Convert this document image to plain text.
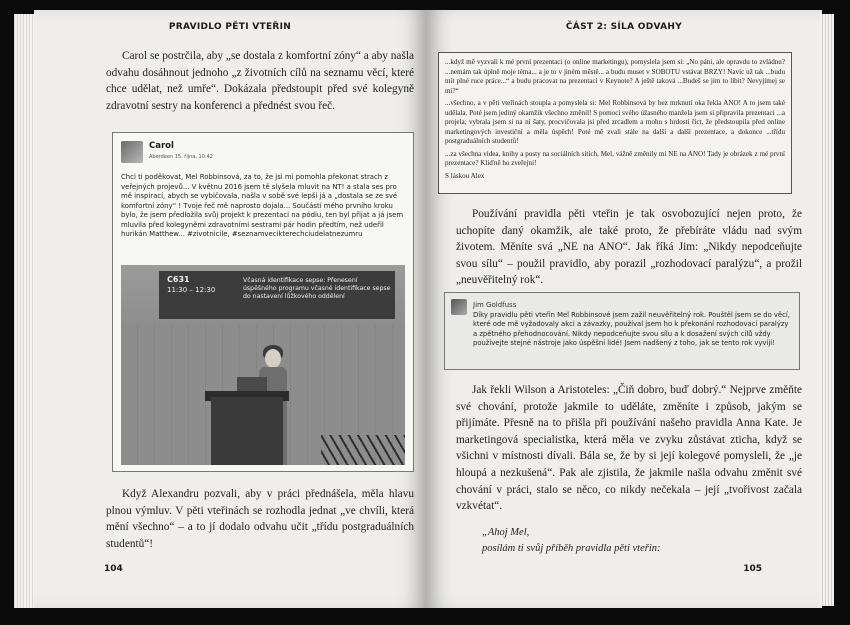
PRAVIDLO PĚTI VTEŘIN

Carol se postrčila, aby „se dostala z komfortní zóny“ a aby našla odvahu dosáhnout jednoho „z životních cílů na seznamu věcí, které chce udělat, než umře“. Dokázala předstoupit před své kolegyně zdravotní sestry na konferenci a přednést svou řeč.

Carol
Aberdeen 15. října, 10:42
Chci ti poděkovat, Mel Robbinsová, za to, že jsi mi pomohla překonat strach z veřejných projevů... V květnu 2016 jsem tě slyšela mluvit na NT! a stala ses pro mě inspirací, abych se vybičovala, našla v sobě své lepší já a „dostala se ze své komfortní zóny“ ! Tvoje řeč mě naprosto dojala... Součástí mého prvního kroku bylo, že jsem předložila svůj projekt k prezentaci na pódiu, ten byl přijat a já jsem mluvila před kolegyněmi zdravotními sestrami pár hodin předtím, než udeřil hurikán Matthew... #zivotnicile, #seznamvecikterechciudelatnezumru
C631
11:30 – 12:30
Včasná identifikace sepse: Přenesení úspěšného programu včasné identifikace sepse do nastavení lůžkového oddělení

Když Alexandru pozvali, aby v práci přednášela, měla hlavu plnou výmluv. V pěti vteřinách se rozhodla jednat „ve chvíli, která mění všechno“ – a to jí dodalo odvahu učit „třídu postgraduálních studentů“!

104
ČÁST 2: SÍLA ODVAHY

...když mě vyzvali k mé první prezentaci (o online marketingu), pomyslela jsem si: „No páni, ale opravdu to zvládnu? ...nemám tak úplně moje téma... a je to v jiném městě... a budu muset v SOBOTU vstávat BRZY! Navíc už tak ...budu mít plné ruce práce...“ a budu pracovat na prezentaci v Keynote? A ještě taková ...Budeš se jim to líbit? Nevyjímej se mi?“

...všechno, a v pěti vteřinách stoupla a pomyslela si: Mel Robbinsová by bez mrknutí oka řekla ANO! A to jsem také udělala. Poté jsem jediný okamžik všechno změnil! S pomocí svého úžasného manžela jsem si připravila prezentaci ...a projela, vybrala jsem si na ní šaty, procvičovala jsi před zrcadlem a mohu s hrdostí říct, že předstoupila před online marketingových investiční a měla úspěch! Poté mě zvali stále na další a další prezentace, a dokonce ...třídu postgraduálních studentů!

...za všechna videa, knihy a posty na sociálních sítích, Mel, vážně změnily mi NE na ANO! Tady je obrázek z mé první prezentace? Kliďně ho zveřejni!

S láskou Alex

Používání pravidla pěti vteřin je tak osvobozující nejen proto, že uchopíte daný okamžik, ale také proto, že přebíráte vládu nad svým životem. Měníte svá „NE na ANO“. Jak říká Jim: „Nikdy nepodceňujte svou sílu“ – použil pravidlo, aby porazil „rozhodovací paralýzu“, a prožil „neuvěřitelný rok“.

Jim Goldfuss
Díky pravidlu pěti vteřin Mel Robbinsové jsem zažil neuvěřitelný rok. Pouštěl jsem se do věcí, které ode mě vyžadovaly akci a závazky, používal jsem ho k překonání rozhodovací paralýzy a zpětného přehodnocování. Nikdy nepodceňujte svou sílu a k dosažení svých cílů vždy používejte stejné nástroje jako úspěšní lidé! Jsem nadšený z toho, jak se tento rok vyvíjí!

Jak řekli Wilson a Aristoteles: „Čiň dobro, buď dobrý.“ Nejprve změňte své chování, protože jakmile to uděláte, změníte i způsob, jakým se přijímáte. Přesně na to přišla při používání našeho pravidla Anna Kate. Je marketingová specialistka, která měla ve zvyku zůstávat zticha, když se všichni v místnosti dívali. Bála se, že by si její kolegové pomysleli, že „je hloupá a nezkušená“. Pak ale zjistila, že jakmile našla odvahu změnit své chování v práci, stalo se něco, co nikdy nečekala – její „tvořivost začala vzkvétat“.

„Ahoj Mel,

posílám ti svůj příběh pravidla pěti vteřin:

105
